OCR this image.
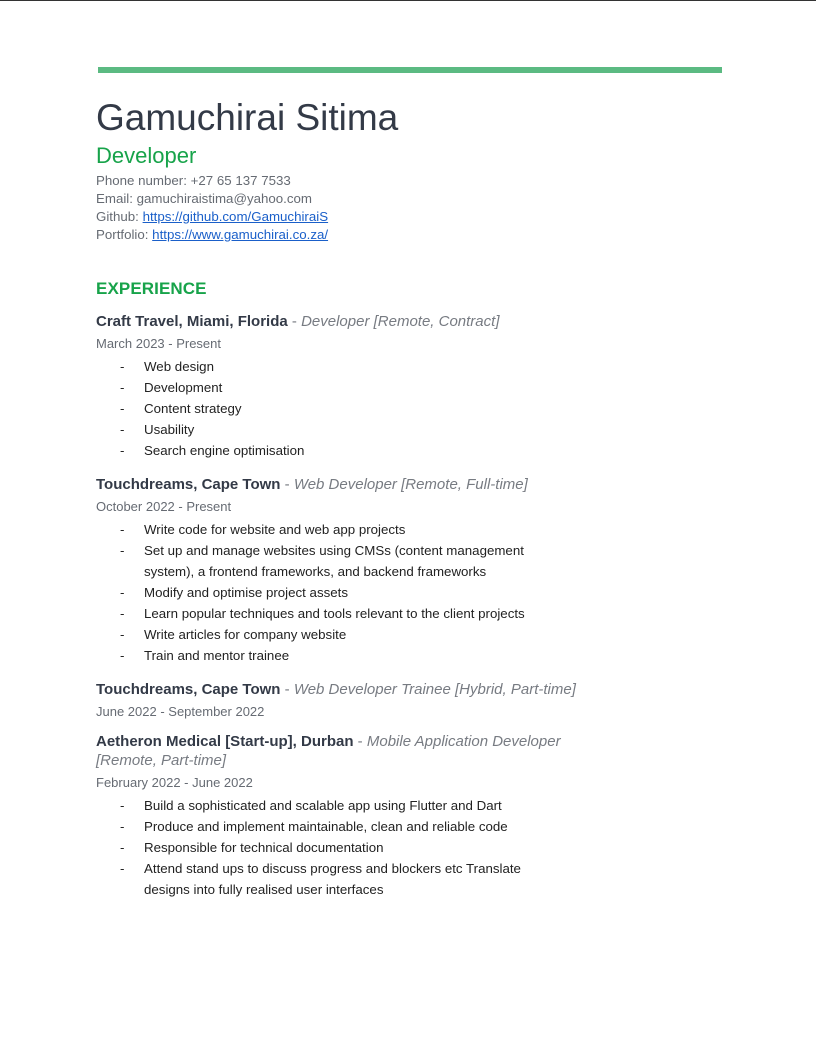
Gamuchirai Sitima
Developer
Phone number: +27 65 137 7533
Email: gamuchiraistima@yahoo.com
Github: https://github.com/GamuchiraiS
Portfolio: https://www.gamuchirai.co.za/
EXPERIENCE
Craft Travel, Miami, Florida - Developer [Remote, Contract]
March 2023 - Present
- Web design
- Development
- Content strategy
- Usability
- Search engine optimisation
Touchdreams, Cape Town - Web Developer [Remote, Full-time]
October 2022 - Present
- Write code for website and web app projects
- Set up and manage websites using CMSs (content management system), a frontend frameworks, and backend frameworks
- Modify and optimise project assets
- Learn popular techniques and tools relevant to the client projects
- Write articles for company website
- Train and mentor trainee
Touchdreams, Cape Town - Web Developer Trainee [Hybrid, Part-time]
June 2022 - September 2022
Aetheron Medical [Start-up], Durban - Mobile Application Developer [Remote, Part-time]
February 2022 - June 2022
- Build a sophisticated and scalable app using Flutter and Dart
- Produce and implement maintainable, clean and reliable code
- Responsible for technical documentation
- Attend stand ups to discuss progress and blockers etc Translate designs into fully realised user interfaces
